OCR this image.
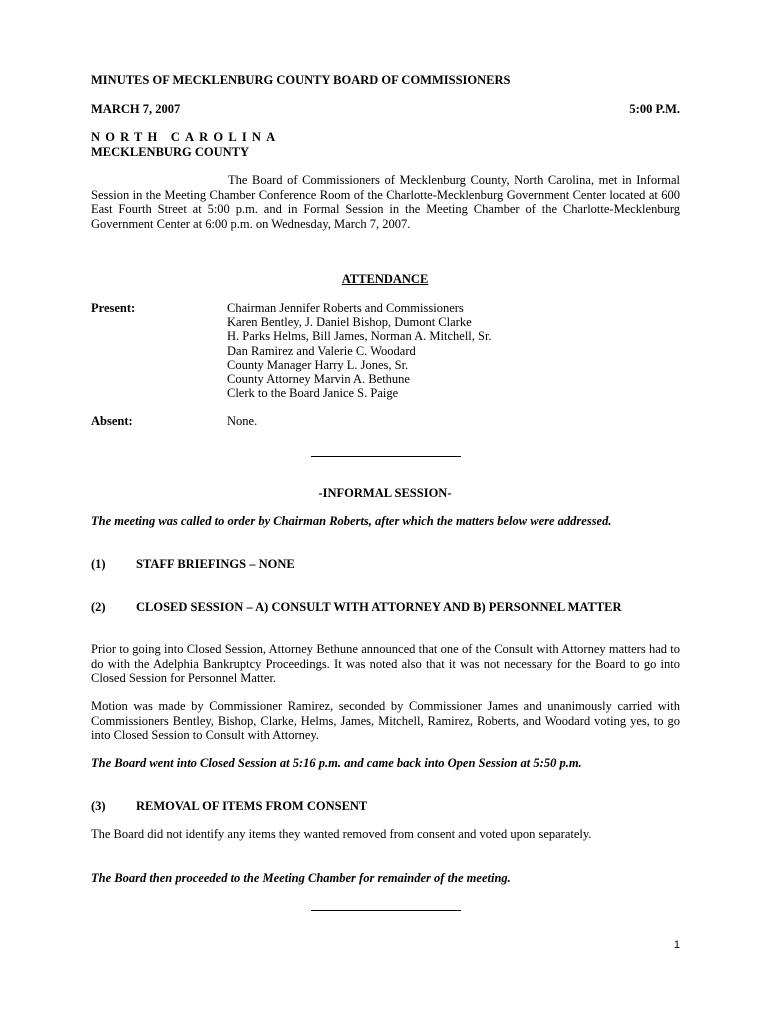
MINUTES OF MECKLENBURG COUNTY BOARD OF COMMISSIONERS
MARCH 7, 2007	5:00 P.M.
NORTH CAROLINA
MECKLENBURG COUNTY
The Board of Commissioners of Mecklenburg County, North Carolina, met in Informal Session in the Meeting Chamber Conference Room of the Charlotte-Mecklenburg Government Center located at 600 East Fourth Street at 5:00 p.m. and in Formal Session in the Meeting Chamber of the Charlotte-Mecklenburg Government Center at 6:00 p.m. on Wednesday, March 7, 2007.
ATTENDANCE
Present:	Chairman Jennifer Roberts and Commissioners
Karen Bentley, J. Daniel Bishop, Dumont Clarke
H. Parks Helms, Bill James, Norman A. Mitchell, Sr.
Dan Ramirez and Valerie C. Woodard
County Manager Harry L. Jones, Sr.
County Attorney Marvin A. Bethune
Clerk to the Board Janice S. Paige
Absent:	None.
-INFORMAL SESSION-
The meeting was called to order by Chairman Roberts, after which the matters below were addressed.
(1) STAFF BRIEFINGS – NONE
(2) CLOSED SESSION – A) CONSULT WITH ATTORNEY AND B) PERSONNEL MATTER
Prior to going into Closed Session, Attorney Bethune announced that one of the Consult with Attorney matters had to do with the Adelphia Bankruptcy Proceedings. It was noted also that it was not necessary for the Board to go into Closed Session for Personnel Matter.
Motion was made by Commissioner Ramirez, seconded by Commissioner James and unanimously carried with Commissioners Bentley, Bishop, Clarke, Helms, James, Mitchell, Ramirez, Roberts, and Woodard voting yes, to go into Closed Session to Consult with Attorney.
The Board went into Closed Session at 5:16 p.m. and came back into Open Session at 5:50 p.m.
(3) REMOVAL OF ITEMS FROM CONSENT
The Board did not identify any items they wanted removed from consent and voted upon separately.
The Board then proceeded to the Meeting Chamber for remainder of the meeting.
1
